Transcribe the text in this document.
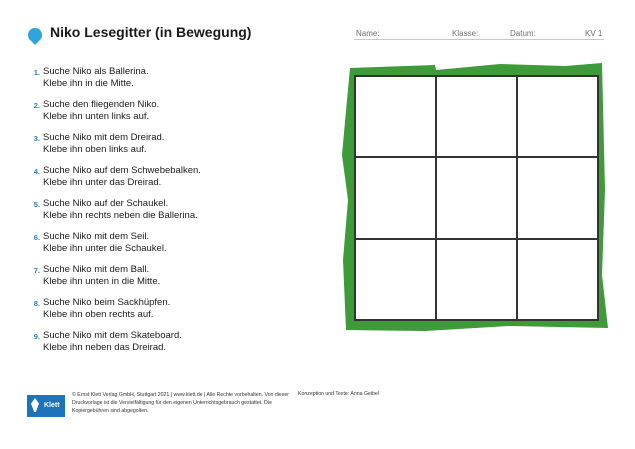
Niko Lesegitter (in Bewegung)	Name:	Klasse:	Datum:	KV 1
1. Suche Niko als Ballerina.
Klebe ihn in die Mitte.
2. Suche den fliegenden Niko.
Klebe ihn unten links auf.
3. Suche Niko mit dem Dreirad.
Klebe ihn oben links auf.
4. Suche Niko auf dem Schwebebalken.
Klebe ihn unter das Dreirad.
5. Suche Niko auf der Schaukel.
Klebe ihn rechts neben die Ballerina.
6. Suche Niko mit dem Seil.
Klebe ihn unter die Schaukel.
7. Suche Niko mit dem Ball.
Klebe ihn unten in die Mitte.
8. Suche Niko beim Sackhüpfen.
Klebe ihn oben rechts auf.
9. Suche Niko mit dem Skateboard.
Klebe ihn neben das Dreirad.
Klett
© Ernst Klett Verlag GmbH, Stuttgart 2021 | www.klett.de | Alle Rechte vorbehalten. Von dieser Druckvorlage ist die Vervielfältigung für den eigenen Unterrichtsgebrauch gestattet. Die Kopiergebühren sind abgegolten.
Konzeption und Texte: Anna Geibel
